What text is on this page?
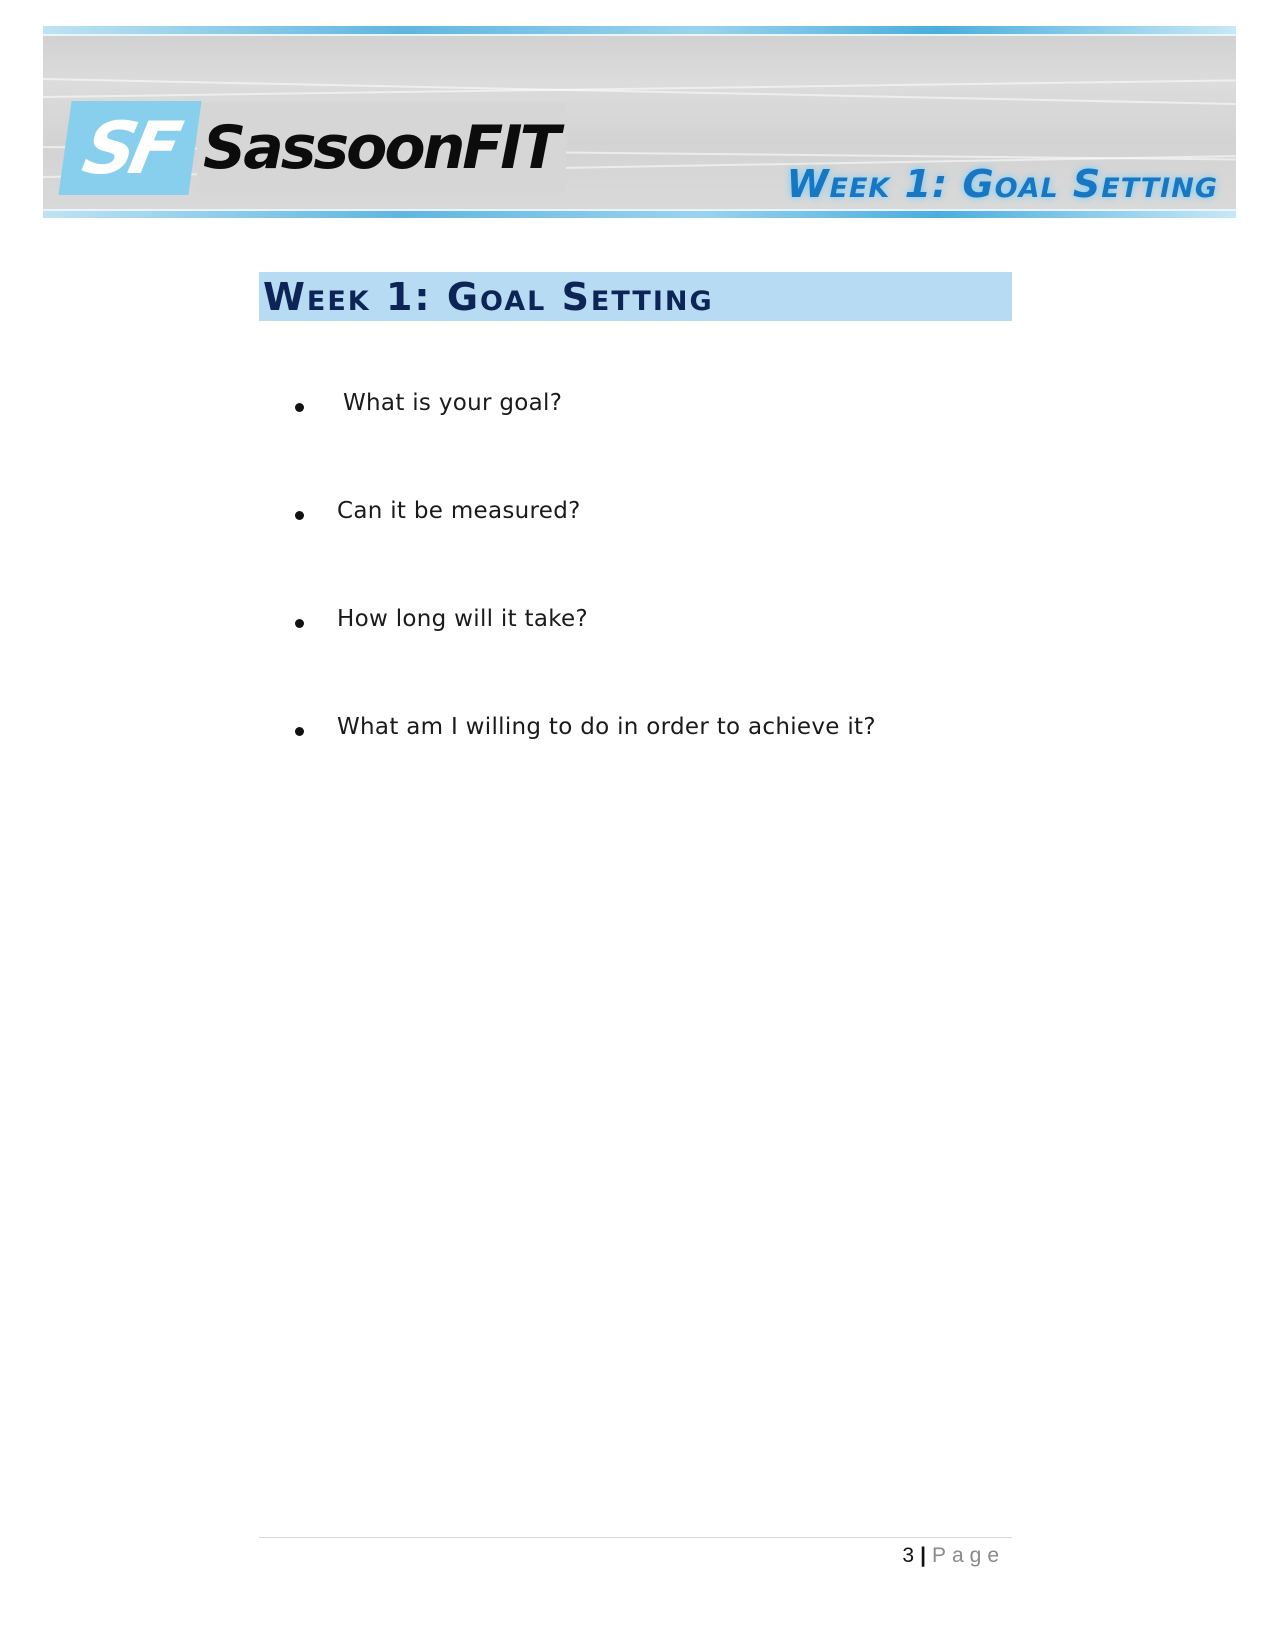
SF SassoonFIT
Week 1: Goal Setting
Week 1: Goal Setting
What is your goal?
Can it be measured?
How long will it take?
What am I willing to do in order to achieve it?
3 | Page
